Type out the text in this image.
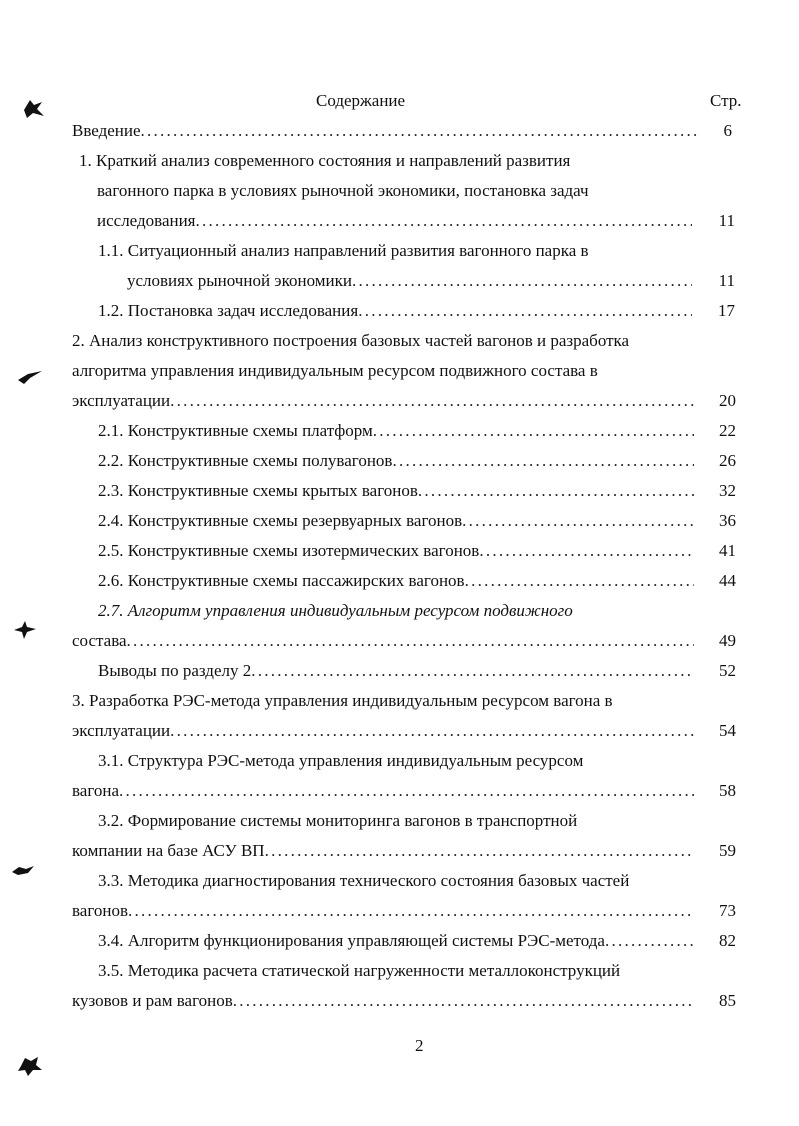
Содержание	Стр.
Введение . . .	6
1. Краткий анализ современного состояния и направлений развития
вагонного парка в условиях рыночной экономики, постановка задач
исследования . . .	11
1.1. Ситуационный анализ направлений развития вагонного парка в
условиях рыночной экономики . . .	11
1.2. Постановка задач исследования . . .	17
2. Анализ конструктивного построения базовых частей вагонов и разработка
алгоритма управления индивидуальным ресурсом подвижного состава в
эксплуатации . . .	20
2.1. Конструктивные схемы платформ . . .	22
2.2. Конструктивные схемы полувагонов . . .	26
2.3. Конструктивные схемы крытых вагонов . . .	32
2.4. Конструктивные схемы резервуарных вагонов . . .	36
2.5. Конструктивные схемы изотермических вагонов . . .	41
2.6. Конструктивные схемы пассажирских вагонов . . .	44
2.7. Алгоритм управления индивидуальным ресурсом подвижного
состава . . .	49
Выводы по разделу 2 . . .	52
3. Разработка РЭС-метода управления индивидуальным ресурсом вагона в
эксплуатации . . .	54
3.1. Структура РЭС-метода управления индивидуальным ресурсом
вагона . . .	58
3.2. Формирование системы мониторинга вагонов в транспортной
компании на базе АСУ ВП . . .	59
3.3. Методика диагностирования технического состояния базовых частей
вагонов . . .	73
3.4. Алгоритм функционирования управляющей системы РЭС-метода . . .	82
3.5. Методика расчета статической нагруженности металлоконструкций
кузовов и рам вагонов . . .	85
2
